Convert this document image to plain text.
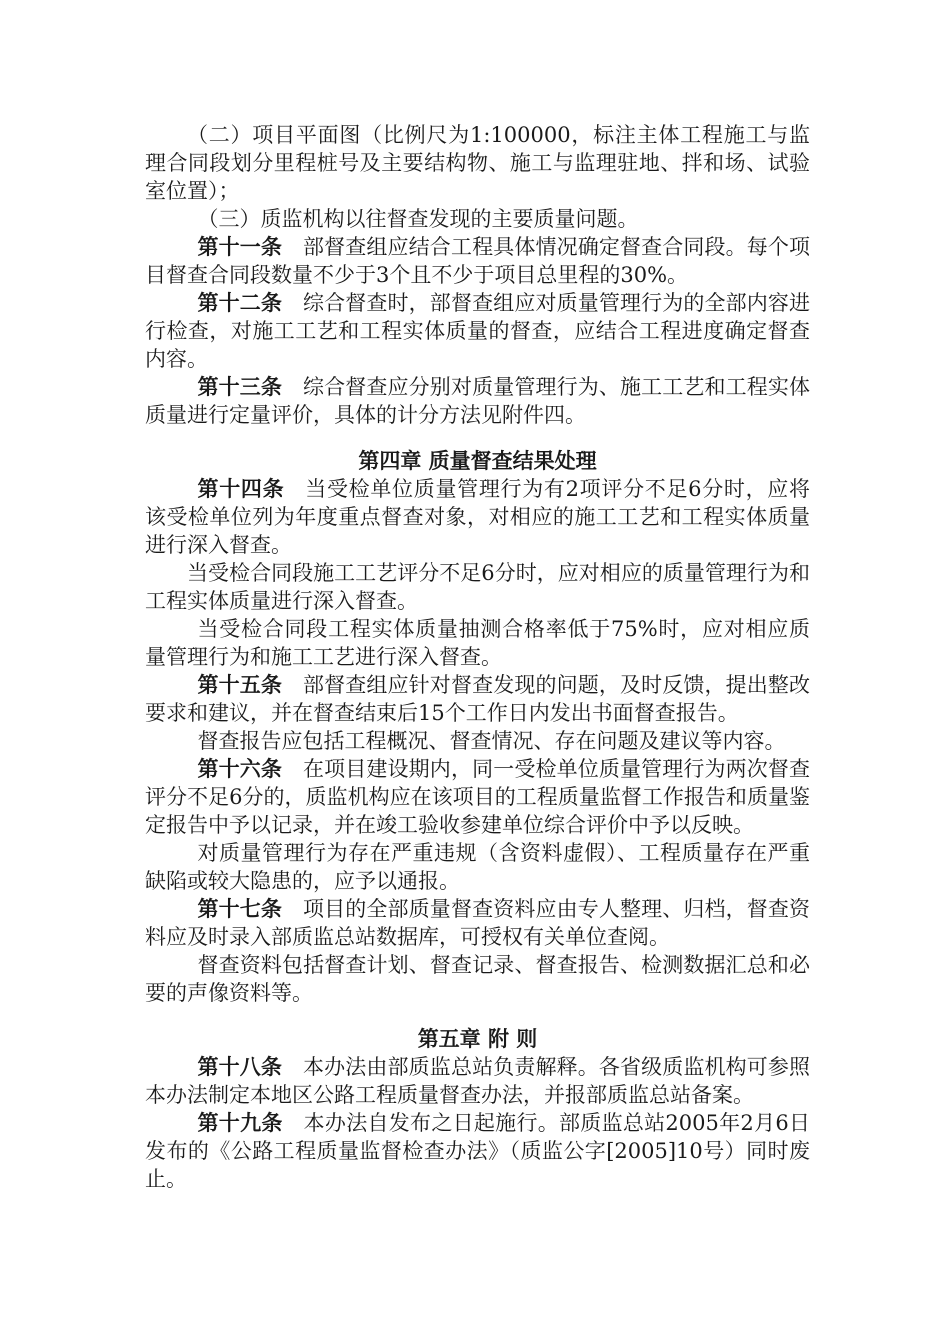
（二）项目平面图（比例尺为1:100000，标注主体工程施工与监理合同段划分里程桩号及主要结构物、施工与监理驻地、拌和场、试验室位置）；

（三）质监机构以往督查发现的主要质量问题。

第十一条 部督查组应结合工程具体情况确定督查合同段。每个项目督查合同段数量不少于3个且不少于项目总里程的30%。

第十二条 综合督查时，部督查组应对质量管理行为的全部内容进行检查，对施工工艺和工程实体质量的督查，应结合工程进度确定督查内容。

第十三条 综合督查应分别对质量管理行为、施工工艺和工程实体质量进行定量评价，具体的计分方法见附件四。

第四章 质量督查结果处理

第十四条 当受检单位质量管理行为有2项评分不足6分时，应将该受检单位列为年度重点督查对象，对相应的施工工艺和工程实体质量进行深入督查。

当受检合同段施工工艺评分不足6分时，应对相应的质量管理行为和工程实体质量进行深入督查。

当受检合同段工程实体质量抽测合格率低于75%时，应对相应质量管理行为和施工工艺进行深入督查。

第十五条 部督查组应针对督查发现的问题，及时反馈，提出整改要求和建议，并在督查结束后15个工作日内发出书面督查报告。

督查报告应包括工程概况、督查情况、存在问题及建议等内容。

第十六条 在项目建设期内，同一受检单位质量管理行为两次督查评分不足6分的，质监机构应在该项目的工程质量监督工作报告和质量鉴定报告中予以记录，并在竣工验收参建单位综合评价中予以反映。

对质量管理行为存在严重违规（含资料虚假）、工程质量存在严重缺陷或较大隐患的，应予以通报。

第十七条 项目的全部质量督查资料应由专人整理、归档，督查资料应及时录入部质监总站数据库，可授权有关单位查阅。

督查资料包括督查计划、督查记录、督查报告、检测数据汇总和必要的声像资料等。

第五章 附 则

第十八条 本办法由部质监总站负责解释。各省级质监机构可参照本办法制定本地区公路工程质量督查办法，并报部质监总站备案。

第十九条 本办法自发布之日起施行。部质监总站2005年2月6日发布的《公路工程质量监督检查办法》（质监公字[2005]10号）同时废止。
